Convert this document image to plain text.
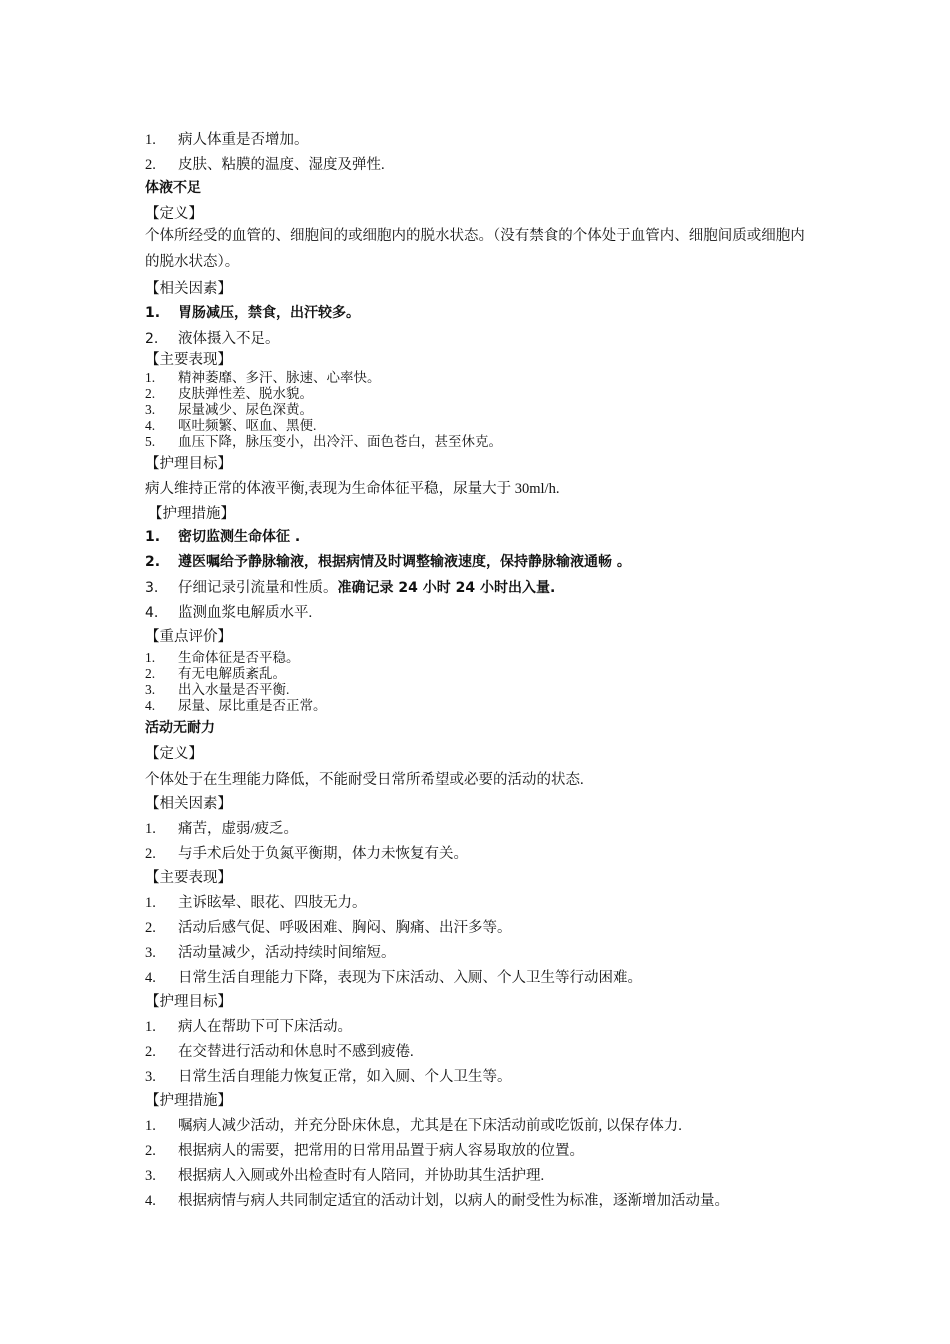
1. 病人体重是否增加。
2. 皮肤、粘膜的温度、湿度及弹性.
体液不足
【定义】
个体所经受的血管的、细胞间的或细胞内的脱水状态。（没有禁食的个体处于血管内、细胞间质或细胞内的脱水状态）。
【相关因素】
1. 胃肠减压，禁食，出汗较多。
2. 液体摄入不足。
【主要表现】
1. 精神萎靡、多汗、脉速、心率快。
2. 皮肤弹性差、脱水貌。
3. 尿量减少、尿色深黄。
4. 呕吐频繁、呕血、黑便.
5. 血压下降，脉压变小，出冷汗、面色苍白，甚至休克。
【护理目标】
病人维持正常的体液平衡,表现为生命体征平稳，尿量大于 30ml/h.
【护理措施】
1. 密切监测生命体征 .
2. 遵医嘱给予静脉输液，根据病情及时调整输液速度，保持静脉输液通畅 。
3. 仔细记录引流量和性质。准确记录 24 小时 24 小时出入量.
4. 监测血浆电解质水平.
【重点评价】
1. 生命体征是否平稳。
2. 有无电解质紊乱。
3. 出入水量是否平衡.
4. 尿量、尿比重是否正常。
活动无耐力
【定义】
个体处于在生理能力降低，不能耐受日常所希望或必要的活动的状态.
【相关因素】
1. 痛苦，虚弱/疲乏。
2. 与手术后处于负氮平衡期，体力未恢复有关。
【主要表现】
1. 主诉眩晕、眼花、四肢无力。
2. 活动后感气促、呼吸困难、胸闷、胸痛、出汗多等。
3. 活动量减少，活动持续时间缩短。
4. 日常生活自理能力下降，表现为下床活动、入厕、个人卫生等行动困难。
【护理目标】
1. 病人在帮助下可下床活动。
2. 在交替进行活动和休息时不感到疲倦.
3. 日常生活自理能力恢复正常，如入厕、个人卫生等。
【护理措施】
1. 嘱病人减少活动，并充分卧床休息，尤其是在下床活动前或吃饭前, 以保存体力.
2. 根据病人的需要，把常用的日常用品置于病人容易取放的位置。
3. 根据病人入厕或外出检查时有人陪同，并协助其生活护理.
4. 根据病情与病人共同制定适宜的活动计划，以病人的耐受性为标准，逐渐增加活动量。
